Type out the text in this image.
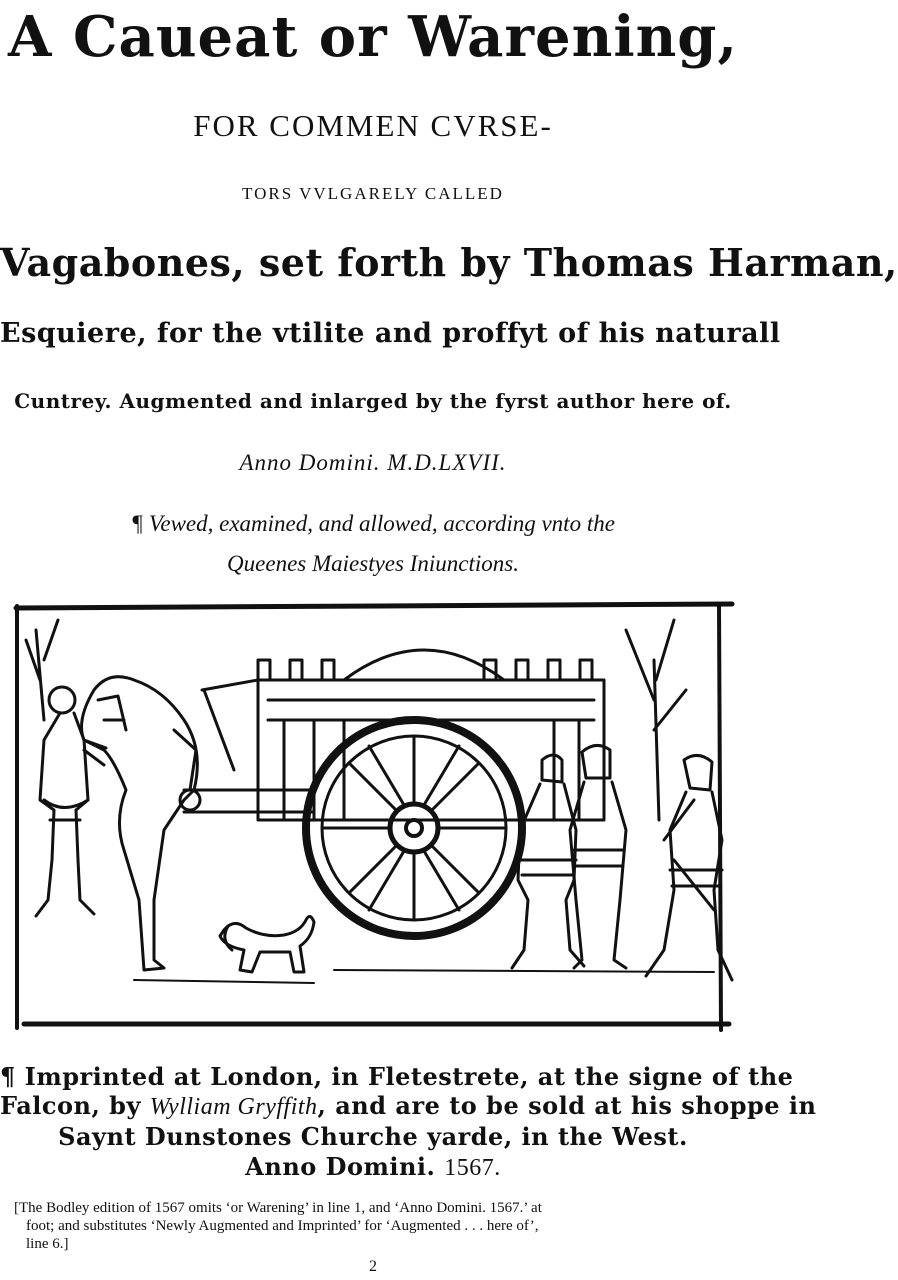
A Caueat or Warening,
FOR COMMEN CVRSE-
TORS VVLGARELY CALLED
Vagabones, set forth by Thomas Harman,
Esquiere, for the vtilite and proffyt of his naturall
Cuntrey. Augmented and inlarged by the fyrst author here of.
Anno Domini. M.D.LXVII.
¶ Vewed, examined, and allowed, according vnto the
Queenes Maiestyes Iniunctions.
¶ Imprinted at London, in Fletestrete, at the signe of the
Falcon, by Wylliam Gryffith, and are to be sold at his shoppe in
Saynt Dunstones Churche yarde, in the West.
Anno Domini. 1567.
[The Bodley edition of 1567 omits ‘or Warening’ in line 1, and ‘Anno Domini. 1567.’ at
foot; and substitutes ‘Newly Augmented and Imprinted’ for ‘Augmented . . . here of’,
line 6.]
2
